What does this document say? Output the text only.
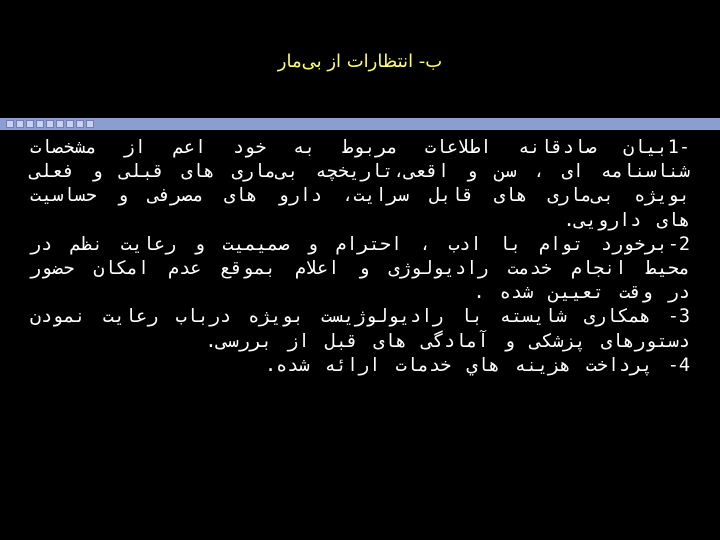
ب- انتظارات از بی‌مار

-1بیان صادقانه اطلاعات مربوط به خود اعم از مشخصات شناسنامه ای ، سن و اقعی،تاریخچه بی‌ماری های قبلی و فعلی بویژه بی‌ماری های قابل سرایت، دارو های مصرفی و حساسیت های دارویی.

2-برخورد توام با ادب ، احترام و صمیمیت و رعایت نظم در محیط انجام خدمت رادیولوژی و اعلام بموقع عدم امکان حضور در وقت تعیین شده .

3- همکاری شایسته با رادیولوژیست بویژه درباب رعایت نمودن دستورهای پزشکی و آمادگی های قبل از بررسی.

4- پرداخت هزینه هاي خدمات ارائه شده.
